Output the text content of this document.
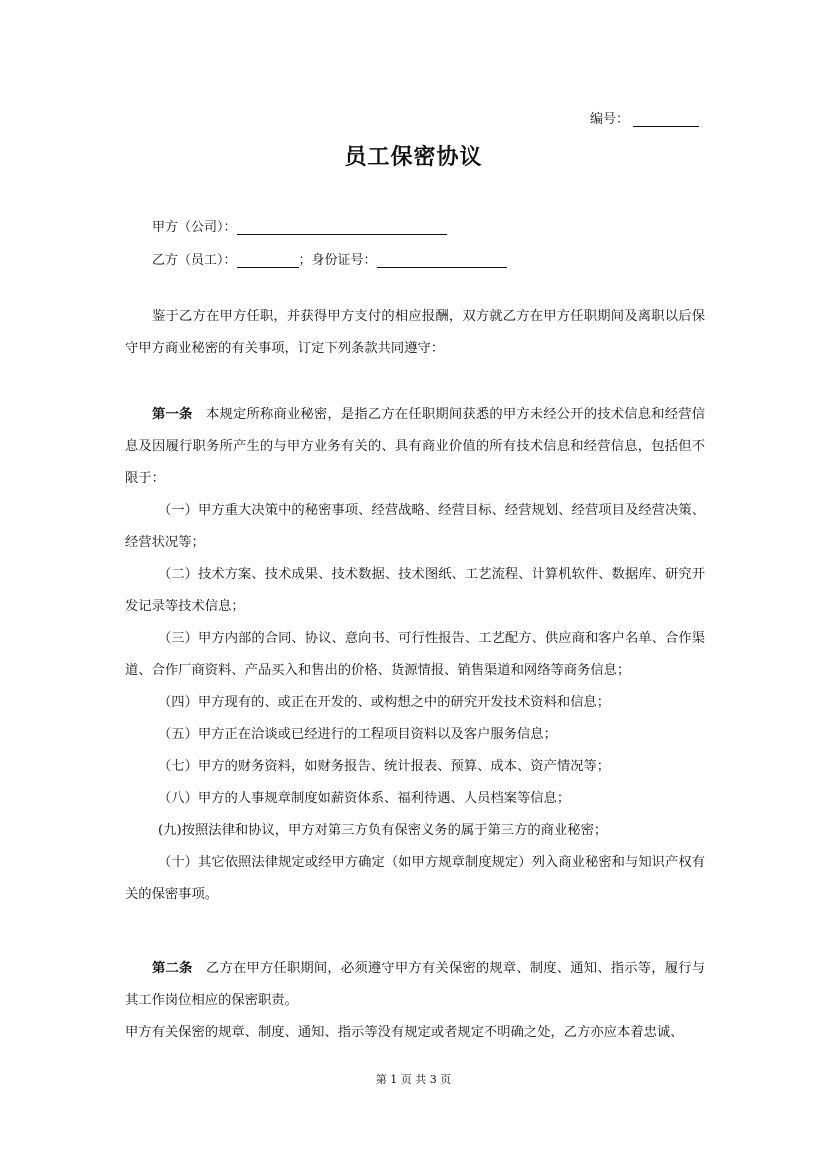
编号：
员工保密协议
甲方（公司）：
乙方（员工）：	；身份证号：

鉴于乙方在甲方任职，并获得甲方支付的相应报酬，双方就乙方在甲方任职期间及离职以后保守甲方商业秘密的有关事项，订定下列条款共同遵守：

第一条　 本规定所称商业秘密，是指乙方在任职期间获悉的甲方未经公开的技术信息和经营信息及因履行职务所产生的与甲方业务有关的、具有商业价值的所有技术信息和经营信息，包括但不限于：

（一）甲方重大决策中的秘密事项、经营战略、经营目标、经营规划、经营项目及经营决策、经营状况等；

（二）技术方案、技术成果、技术数据、技术图纸、工艺流程、计算机软件、数据库、研究开发记录等技术信息；

（三）甲方内部的合同、协议、意向书、可行性报告、工艺配方、供应商和客户名单、合作渠道、合作厂商资料、产品买入和售出的价格、货源情报、销售渠道和网络等商务信息；

（四）甲方现有的、或正在开发的、或构想之中的研究开发技术资料和信息；

（五）甲方正在洽谈或已经进行的工程项目资料以及客户服务信息；

（七）甲方的财务资料，如财务报告、统计报表、预算、成本、资产情况等；

（八）甲方的人事规章制度如薪资体系、福利待遇、人员档案等信息；

(九)按照法律和协议，甲方对第三方负有保密义务的属于第三方的商业秘密；

（十）其它依照法律规定或经甲方确定（如甲方规章制度规定）列入商业秘密和与知识产权有关的保密事项。

第二条　 乙方在甲方任职期间，必须遵守甲方有关保密的规章、制度、通知、指示等，履行与其工作岗位相应的保密职责。

甲方有关保密的规章、制度、通知、指示等没有规定或者规定不明确之处，乙方亦应本着忠诚、

第 1 页 共 3 页
